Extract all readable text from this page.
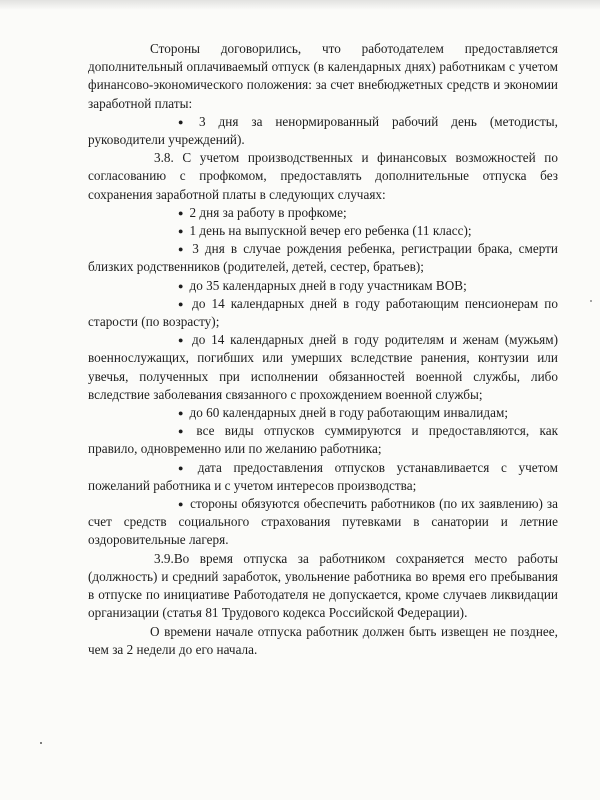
Стороны договорились, что работодателем предоставляется дополнительный оплачиваемый отпуск (в календарных днях) работникам с учетом финансово-экономического положения: за счет внебюджетных средств и экономии заработной платы:

● 3 дня за ненормированный рабочий день (методисты, руководители учреждений).

3.8. С учетом производственных и финансовых возможностей по согласованию с профкомом, предоставлять дополнительные отпуска без сохранения заработной платы в следующих случаях:

● 2 дня за работу в профкоме;

● 1 день на выпускной вечер его ребенка (11 класс);

● 3 дня в случае рождения ребенка, регистрации брака, смерти близких родственников (родителей, детей, сестер, братьев);

● до 35 календарных дней в году участникам ВОВ;

● до 14 календарных дней в году работающим пенсионерам по старости (по возрасту);

● до 14 календарных дней в году родителям и женам (мужьям) военнослужащих, погибших или умерших вследствие ранения, контузии или увечья, полученных при исполнении обязанностей военной службы, либо вследствие заболевания связанного с прохождением военной службы;

● до 60 календарных дней в году работающим инвалидам;

● все виды отпусков суммируются и предоставляются, как правило, одновременно или по желанию работника;

● дата предоставления отпусков устанавливается с учетом пожеланий работника и с учетом интересов производства;

● стороны обязуются обеспечить работников (по их заявлению) за счет средств социального страхования путевками в санатории и летние оздоровительные лагеря.

3.9.Во время отпуска за работником сохраняется место работы (должность) и средний заработок, увольнение работника во время его пребывания в отпуске по инициативе Работодателя не допускается, кроме случаев ликвидации организации (статья 81 Трудового кодекса Российской Федерации).

О времени начале отпуска работник должен быть извещен не позднее, чем за 2 недели до его начала.
